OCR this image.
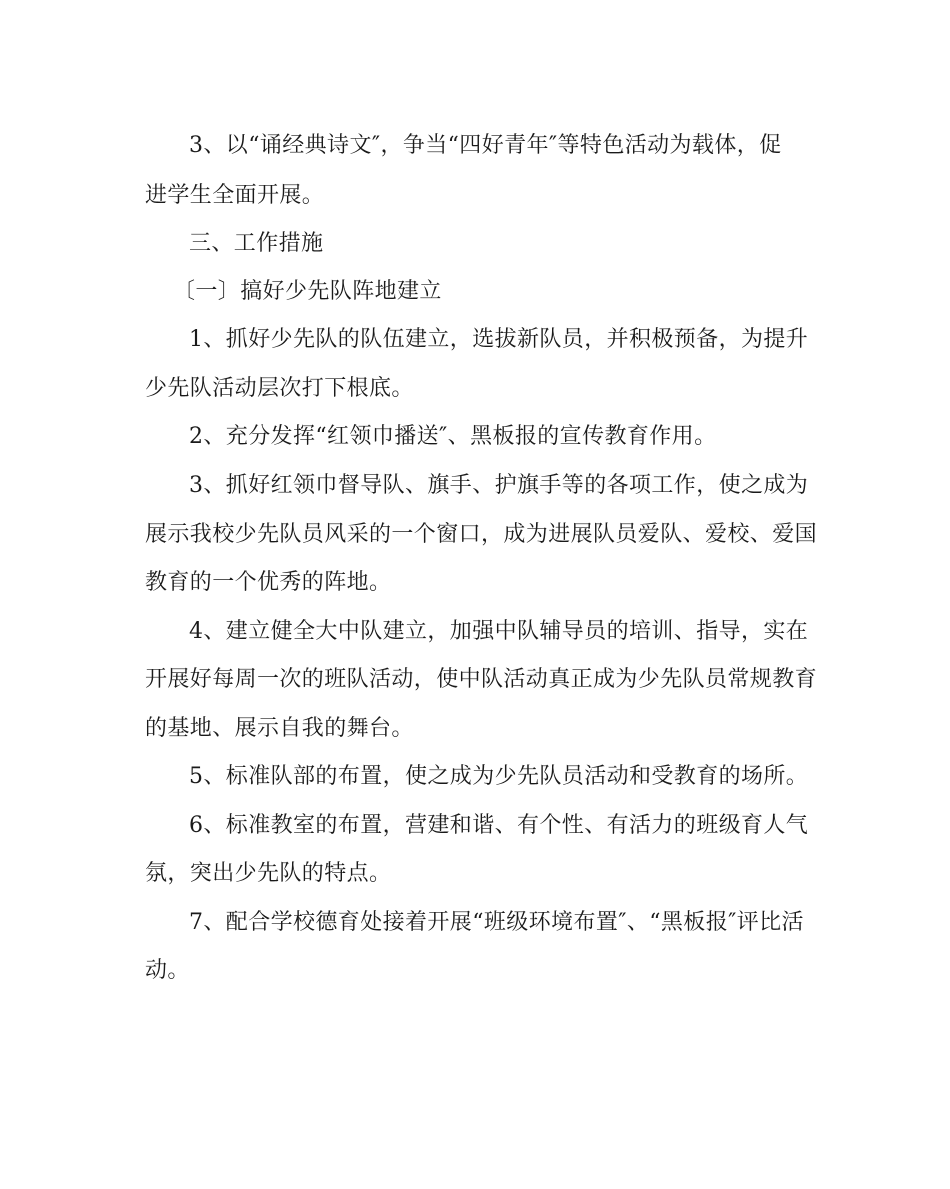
3、以“诵经典诗文″，争当“四好青年″等特色活动为载体，促

进学生全面开展。

三、工作措施

〔一〕搞好少先队阵地建立

1、抓好少先队的队伍建立，选拔新队员，并积极预备，为提升

少先队活动层次打下根底。

2、充分发挥“红领巾播送″、黑板报的宣传教育作用。

3、抓好红领巾督导队、旗手、护旗手等的各项工作，使之成为

展示我校少先队员风采的一个窗口，成为进展队员爱队、爱校、爱国

教育的一个优秀的阵地。

4、建立健全大中队建立，加强中队辅导员的培训、指导，实在

开展好每周一次的班队活动，使中队活动真正成为少先队员常规教育

的基地、展示自我的舞台。

5、标准队部的布置，使之成为少先队员活动和受教育的场所。

6、标准教室的布置，营建和谐、有个性、有活力的班级育人气

氛，突出少先队的特点。

7、配合学校德育处接着开展“班级环境布置″、“黑板报″评比活

动。
